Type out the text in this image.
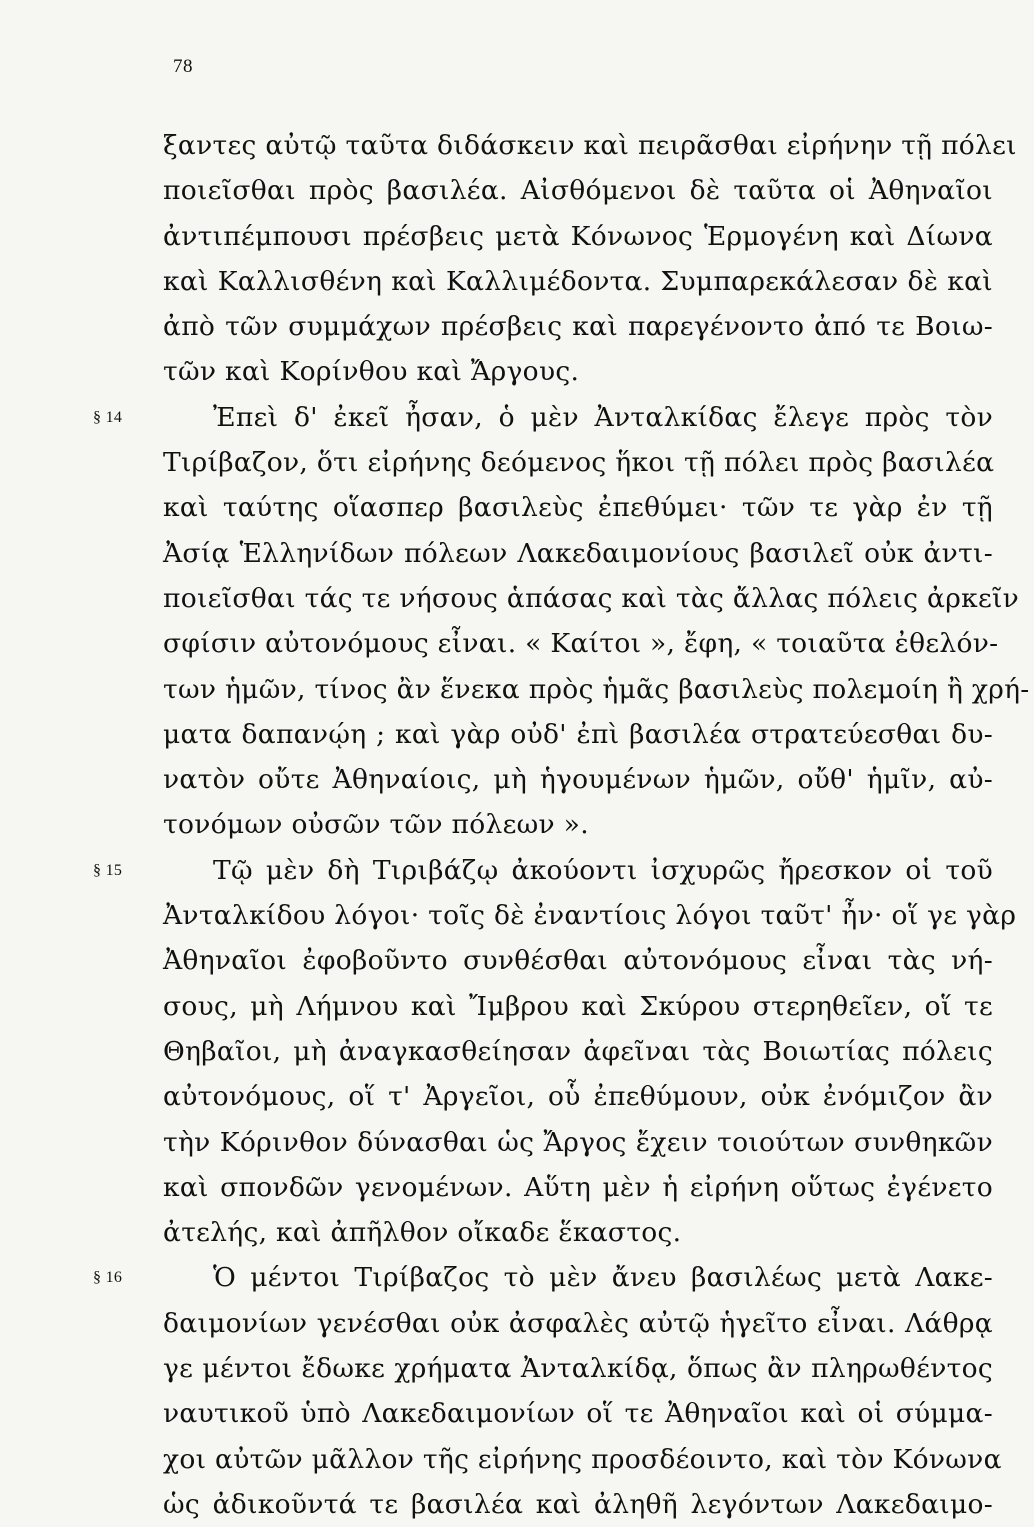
78
ξαντες αὐτῷ ταῦτα διδάσκειν καὶ πειρᾶσθαι εἰρήνην τῇ πόλει
ποιεῖσθαι πρὸς βασιλέα. Αἰσθόμενοι δὲ ταῦτα οἱ Ἀθηναῖοι
ἀντιπέμπουσι πρέσβεις μετὰ Κόνωνος Ἑρμογένη καὶ Δίωνα
καὶ Καλλισθένη καὶ Καλλιμέδοντα. Συμπαρεκάλεσαν δὲ καὶ
ἀπὸ τῶν συμμάχων πρέσβεις καὶ παρεγένοντο ἀπό τε Βοιω-
τῶν καὶ Κορίνθου καὶ Ἄργους.
§ 14	Ἐπεὶ δ' ἐκεῖ ἦσαν, ὁ μὲν Ἀνταλκίδας ἔλεγε πρὸς τὸν
Τιρίβαζον, ὅτι εἰρήνης δεόμενος ἥκοι τῇ πόλει πρὸς βασιλέα
καὶ ταύτης οἵασπερ βασιλεὺς ἐπεθύμει· τῶν τε γὰρ ἐν τῇ
Ἀσίᾳ Ἑλληνίδων πόλεων Λακεδαιμονίους βασιλεῖ οὐκ ἀντι-
ποιεῖσθαι τάς τε νήσους ἁπάσας καὶ τὰς ἄλλας πόλεις ἀρκεῖν
σφίσιν αὐτονόμους εἶναι. « Καίτοι », ἔφη, « τοιαῦτα ἐθελόν-
των ἡμῶν, τίνος ἂν ἕνεκα πρὸς ἡμᾶς βασιλεὺς πολεμοίη ἢ χρή-
ματα δαπανῴη ; καὶ γὰρ οὐδ' ἐπὶ βασιλέα στρατεύεσθαι δυ-
νατὸν οὔτε Ἀθηναίοις, μὴ ἡγουμένων ἡμῶν, οὔθ' ἡμῖν, αὐ-
τονόμων οὐσῶν τῶν πόλεων ».
§ 15	Τῷ μὲν δὴ Τιριβάζῳ ἀκούοντι ἰσχυρῶς ἤρεσκον οἱ τοῦ
Ἀνταλκίδου λόγοι· τοῖς δὲ ἐναντίοις λόγοι ταῦτ' ἦν· οἵ γε γὰρ
Ἀθηναῖοι ἐφοβοῦντο συνθέσθαι αὐτονόμους εἶναι τὰς νή-
σους, μὴ Λήμνου καὶ Ἴμβρου καὶ Σκύρου στερηθεῖεν, οἵ τε
Θηβαῖοι, μὴ ἀναγκασθείησαν ἀφεῖναι τὰς Βοιωτίας πόλεις
αὐτονόμους, οἵ τ' Ἀργεῖοι, οὗ ἐπεθύμουν, οὐκ ἐνόμιζον ἂν
τὴν Κόρινθον δύνασθαι ὡς Ἄργος ἔχειν τοιούτων συνθηκῶν
καὶ σπονδῶν γενομένων. Αὕτη μὲν ἡ εἰρήνη οὕτως ἐγένετο
ἀτελής, καὶ ἀπῆλθον οἴκαδε ἕκαστος.
§ 16	Ὁ μέντοι Τιρίβαζος τὸ μὲν ἄνευ βασιλέως μετὰ Λακε-
δαιμονίων γενέσθαι οὐκ ἀσφαλὲς αὐτῷ ἡγεῖτο εἶναι. Λάθρᾳ
γε μέντοι ἔδωκε χρήματα Ἀνταλκίδᾳ, ὅπως ἂν πληρωθέντος
ναυτικοῦ ὑπὸ Λακεδαιμονίων οἵ τε Ἀθηναῖοι καὶ οἱ σύμμα-
χοι αὐτῶν μᾶλλον τῆς εἰρήνης προσδέοιντο, καὶ τὸν Κόνωνα
ὡς ἀδικοῦντά τε βασιλέα καὶ ἀληθῆ λεγόντων Λακεδαιμο-
